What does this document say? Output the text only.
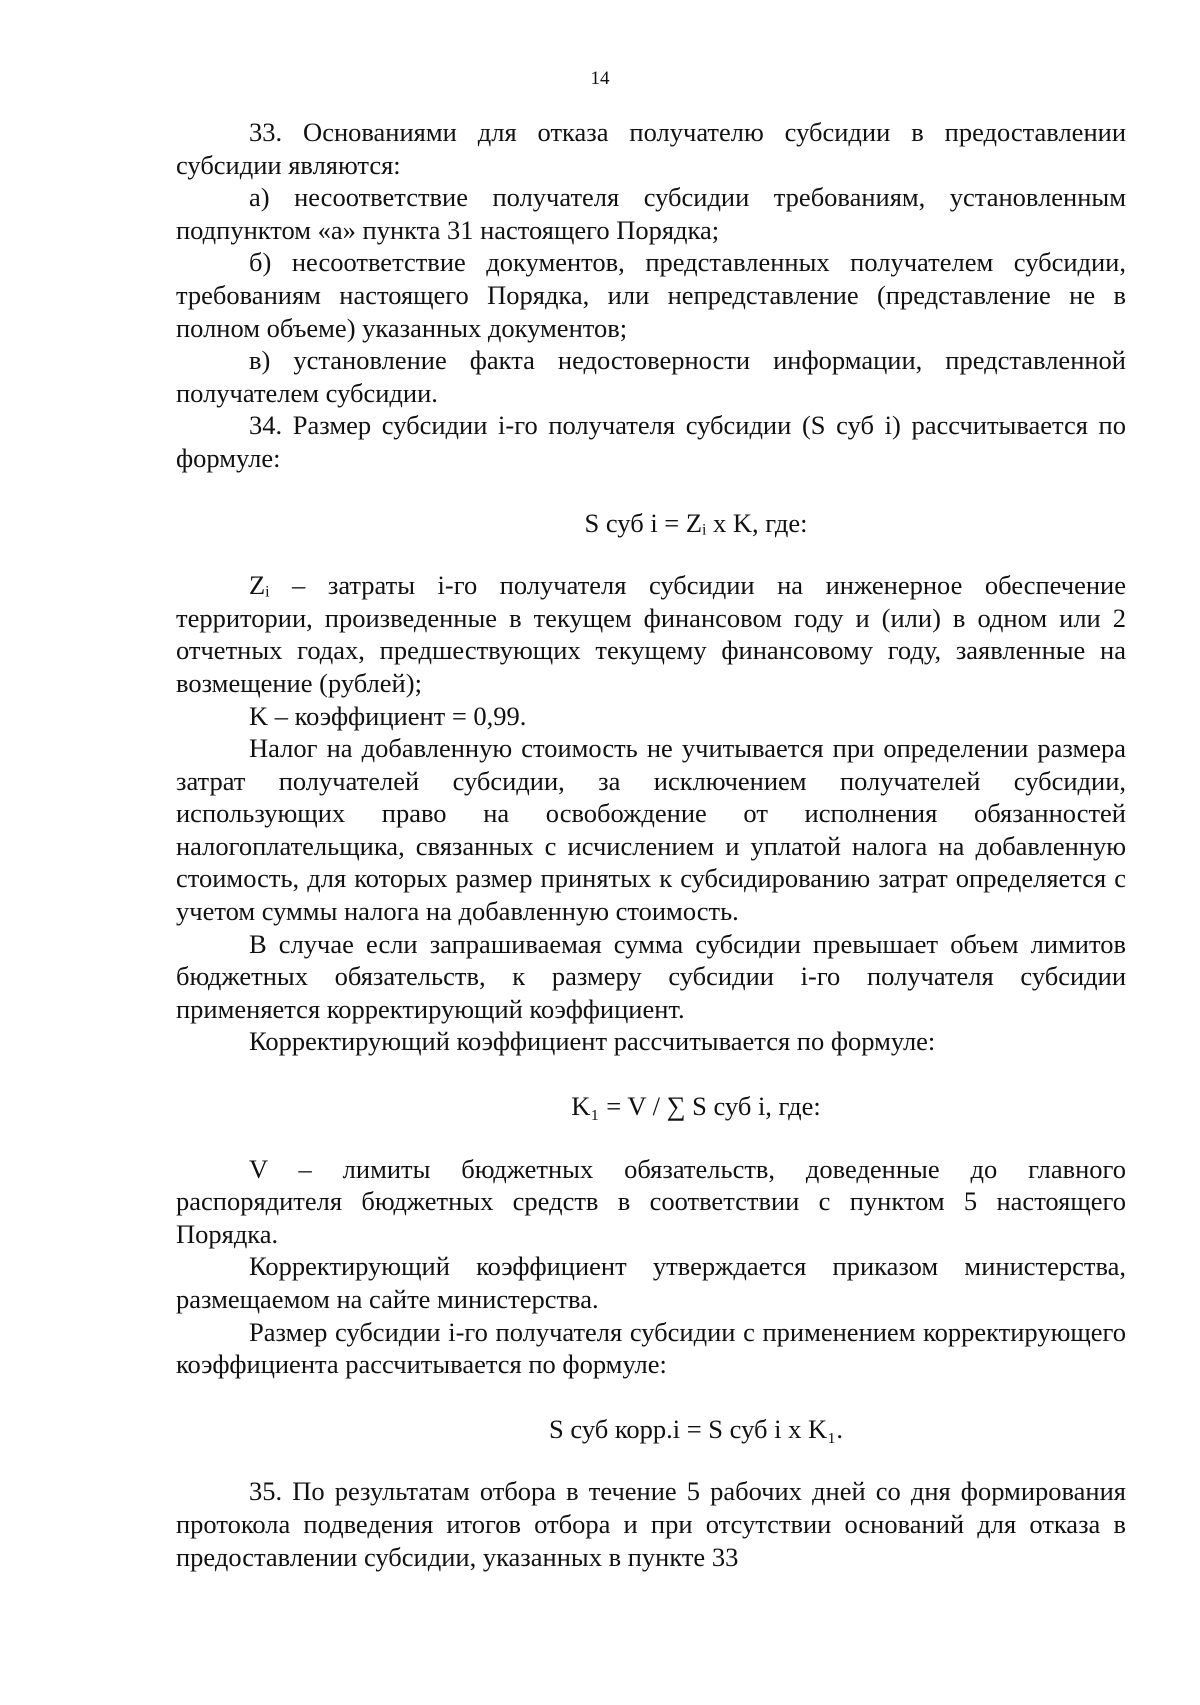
14

33. Основаниями для отказа получателю субсидии в предоставлении субсидии являются:

а) несоответствие получателя субсидии требованиям, установленным подпунктом «а» пункта 31 настоящего Порядка;

б) несоответствие документов, представленных получателем субсидии, требованиям настоящего Порядка, или непредставление (представление не в полном объеме) указанных документов;

в) установление факта недостоверности информации, представленной получателем субсидии.

34. Размер субсидии i-го получателя субсидии (S суб i) рассчитывается по формуле:

S суб i = Zᵢ x K, где:

Zᵢ – затраты i-го получателя субсидии на инженерное обеспечение территории, произведенные в текущем финансовом году и (или) в одном или 2 отчетных годах, предшествующих текущему финансовому году, заявленные на возмещение (рублей);

K – коэффициент = 0,99.

Налог на добавленную стоимость не учитывается при определении размера затрат получателей субсидии, за исключением получателей субсидии, использующих право на освобождение от исполнения обязанностей налогоплательщика, связанных с исчислением и уплатой налога на добавленную стоимость, для которых размер принятых к субсидированию затрат определяется с учетом суммы налога на добавленную стоимость.

В случае если запрашиваемая сумма субсидии превышает объем лимитов бюджетных обязательств, к размеру субсидии i-го получателя субсидии применяется корректирующий коэффициент.

Корректирующий коэффициент рассчитывается по формуле:

K₁ = V / ∑ S суб i, где:

V – лимиты бюджетных обязательств, доведенные до главного распорядителя бюджетных средств в соответствии с пунктом 5 настоящего Порядка.

Корректирующий коэффициент утверждается приказом министерства, размещаемом на сайте министерства.

Размер субсидии i-го получателя субсидии с применением корректирующего коэффициента рассчитывается по формуле:

S суб корр.i = S суб i x K₁.

35. По результатам отбора в течение 5 рабочих дней со дня формирования протокола подведения итогов отбора и при отсутствии оснований для отказа в предоставлении субсидии, указанных в пункте 33
